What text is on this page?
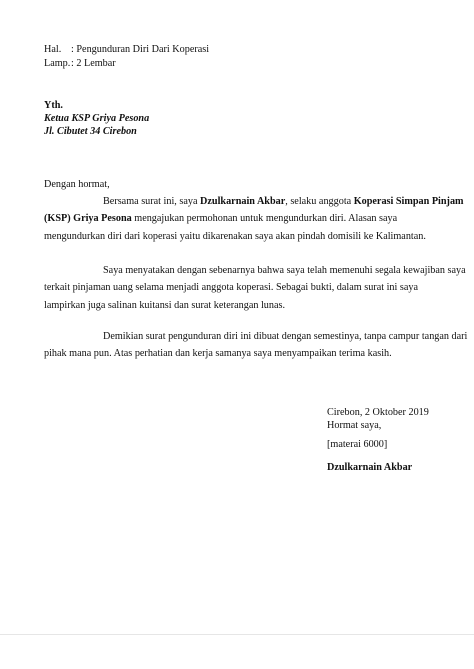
Hal. : Pengunduran Diri Dari Koperasi
Lamp.: 2 Lembar
Yth.
Ketua KSP Griya Pesona
Jl. Cibutet 34 Cirebon
Dengan hormat,
Bersama surat ini, saya Dzulkarnain Akbar, selaku anggota Koperasi Simpan Pinjam
(KSP) Griya Pesona mengajukan permohonan untuk mengundurkan diri. Alasan saya
mengundurkan diri dari koperasi yaitu dikarenakan saya akan pindah domisili ke Kalimantan.
Saya menyatakan dengan sebenarnya bahwa saya telah memenuhi segala kewajiban saya
terkait pinjaman uang selama menjadi anggota koperasi. Sebagai bukti, dalam surat ini saya
lampirkan juga salinan kuitansi dan surat keterangan lunas.
Demikian surat pengunduran diri ini dibuat dengan semestinya, tanpa campur tangan dari
pihak mana pun. Atas perhatian dan kerja samanya saya menyampaikan terima kasih.
Cirebon, 2 Oktober 2019
Hormat saya,
[materai 6000]
Dzulkarnain Akbar
